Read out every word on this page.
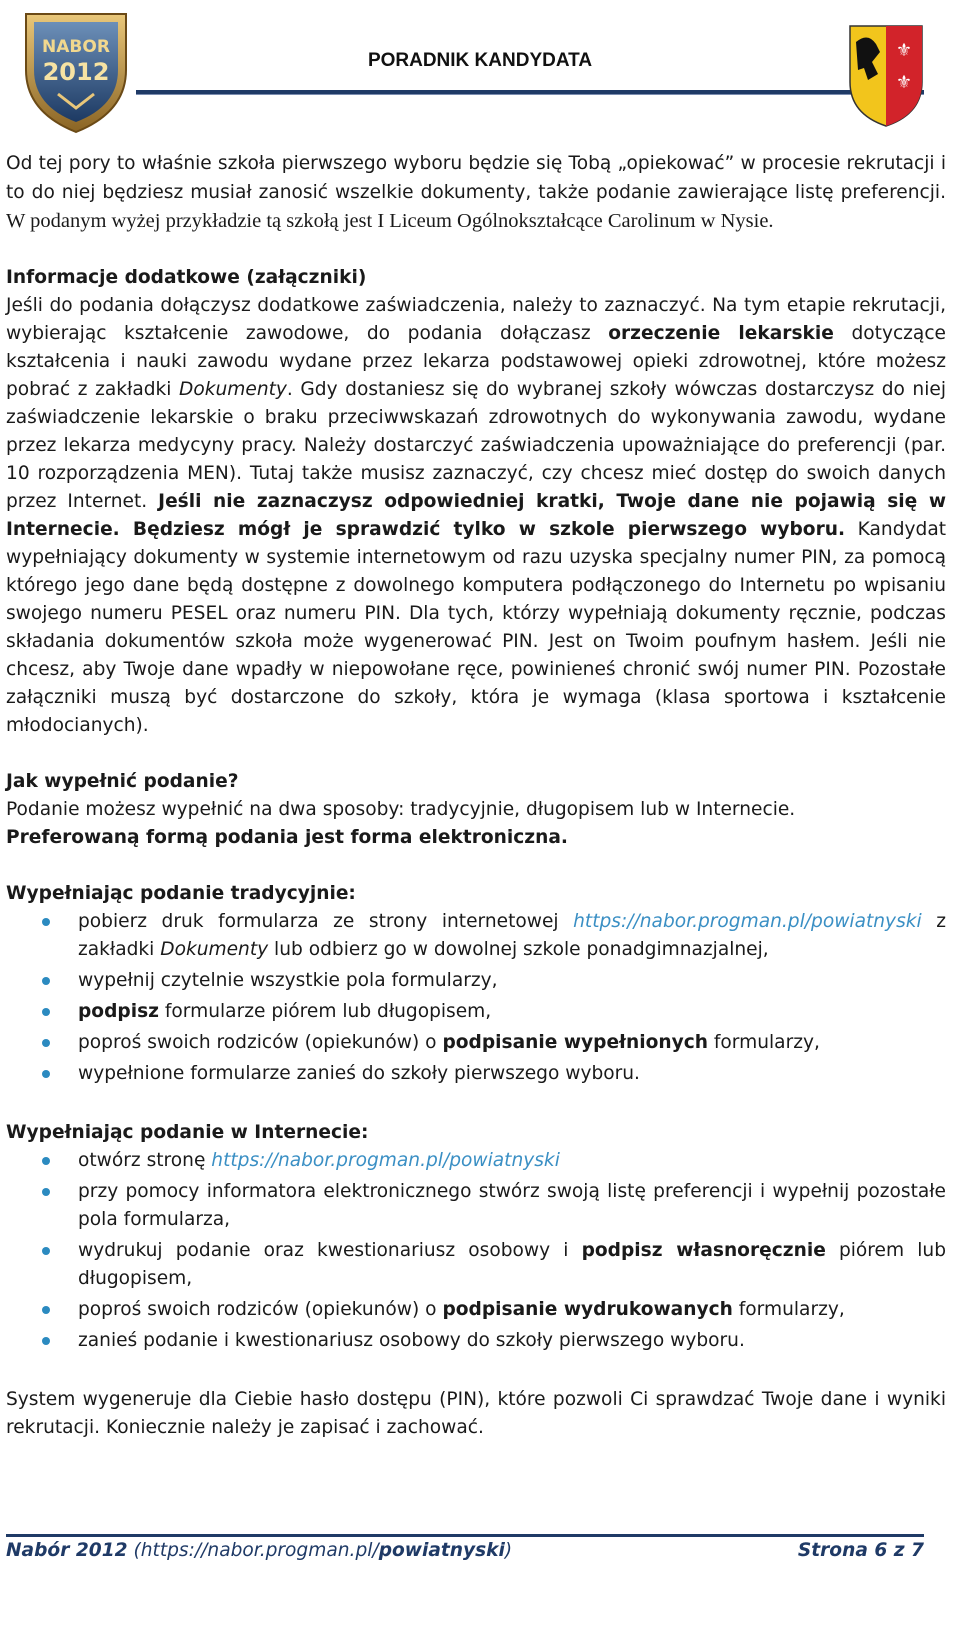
NABOR
2012	PORADNIK KANDYDATA	⚜
⚜

Od tej pory to właśnie szkoła pierwszego wyboru będzie się Tobą „opiekować” w procesie rekrutacji i to do niej będziesz musiał zanosić wszelkie dokumenty, także podanie zawierające listę preferencji. W podanym wyżej przykładzie tą szkołą jest I Liceum Ogólnokształcące Carolinum w Nysie.

Informacje dodatkowe (załączniki)

Jeśli do podania dołączysz dodatkowe zaświadczenia, należy to zaznaczyć. Na tym etapie rekrutacji, wybierając kształcenie zawodowe, do podania dołączasz orzeczenie lekarskie dotyczące kształcenia i nauki zawodu wydane przez lekarza podstawowej opieki zdrowotnej, które możesz pobrać z zakładki Dokumenty. Gdy dostaniesz się do wybranej szkoły wówczas dostarczysz do niej zaświadczenie lekarskie o braku przeciwwskazań zdrowotnych do wykonywania zawodu, wydane przez lekarza medycyny pracy. Należy dostarczyć zaświadczenia upoważniające do preferencji (par. 10 rozporządzenia MEN). Tutaj także musisz zaznaczyć, czy chcesz mieć dostęp do swoich danych przez Internet. Jeśli nie zaznaczysz odpowiedniej kratki, Twoje dane nie pojawią się w Internecie. Będziesz mógł je sprawdzić tylko w szkole pierwszego wyboru. Kandydat wypełniający dokumenty w systemie internetowym od razu uzyska specjalny numer PIN, za pomocą którego jego dane będą dostępne z dowolnego komputera podłączonego do Internetu po wpisaniu swojego numeru PESEL oraz numeru PIN. Dla tych, którzy wypełniają dokumenty ręcznie, podczas składania dokumentów szkoła może wygenerować PIN. Jest on Twoim poufnym hasłem. Jeśli nie chcesz, aby Twoje dane wpadły w niepowołane ręce, powinieneś chronić swój numer PIN. Pozostałe załączniki muszą być dostarczone do szkoły, która je wymaga (klasa sportowa i kształcenie młodocianych).

Jak wypełnić podanie?

Podanie możesz wypełnić na dwa sposoby: tradycyjnie, długopisem lub w Internecie.

Preferowaną formą podania jest forma elektroniczna.

Wypełniając podanie tradycyjnie:

pobierz druk formularza ze strony internetowej https://nabor.progman.pl/powiatnyski z zakładki Dokumenty lub odbierz go w dowolnej szkole ponadgimnazjalnej,
wypełnij czytelnie wszystkie pola formularzy,
podpisz formularze piórem lub długopisem,
poproś swoich rodziców (opiekunów) o podpisanie wypełnionych formularzy,
wypełnione formularze zanieś do szkoły pierwszego wyboru.

Wypełniając podanie w Internecie:

otwórz stronę https://nabor.progman.pl/powiatnyski
przy pomocy informatora elektronicznego stwórz swoją listę preferencji i wypełnij pozostałe pola formularza,
wydrukuj podanie oraz kwestionariusz osobowy i podpisz własnoręcznie piórem lub długopisem,
poproś swoich rodziców (opiekunów) o podpisanie wydrukowanych formularzy,
zanieś podanie i kwestionariusz osobowy do szkoły pierwszego wyboru.

System wygeneruje dla Ciebie hasło dostępu (PIN), które pozwoli Ci sprawdzać Twoje dane i wyniki rekrutacji. Koniecznie należy je zapisać i zachować.

Nabór 2012 (https://nabor.progman.pl/powiatnyski)	Strona 6 z 7
